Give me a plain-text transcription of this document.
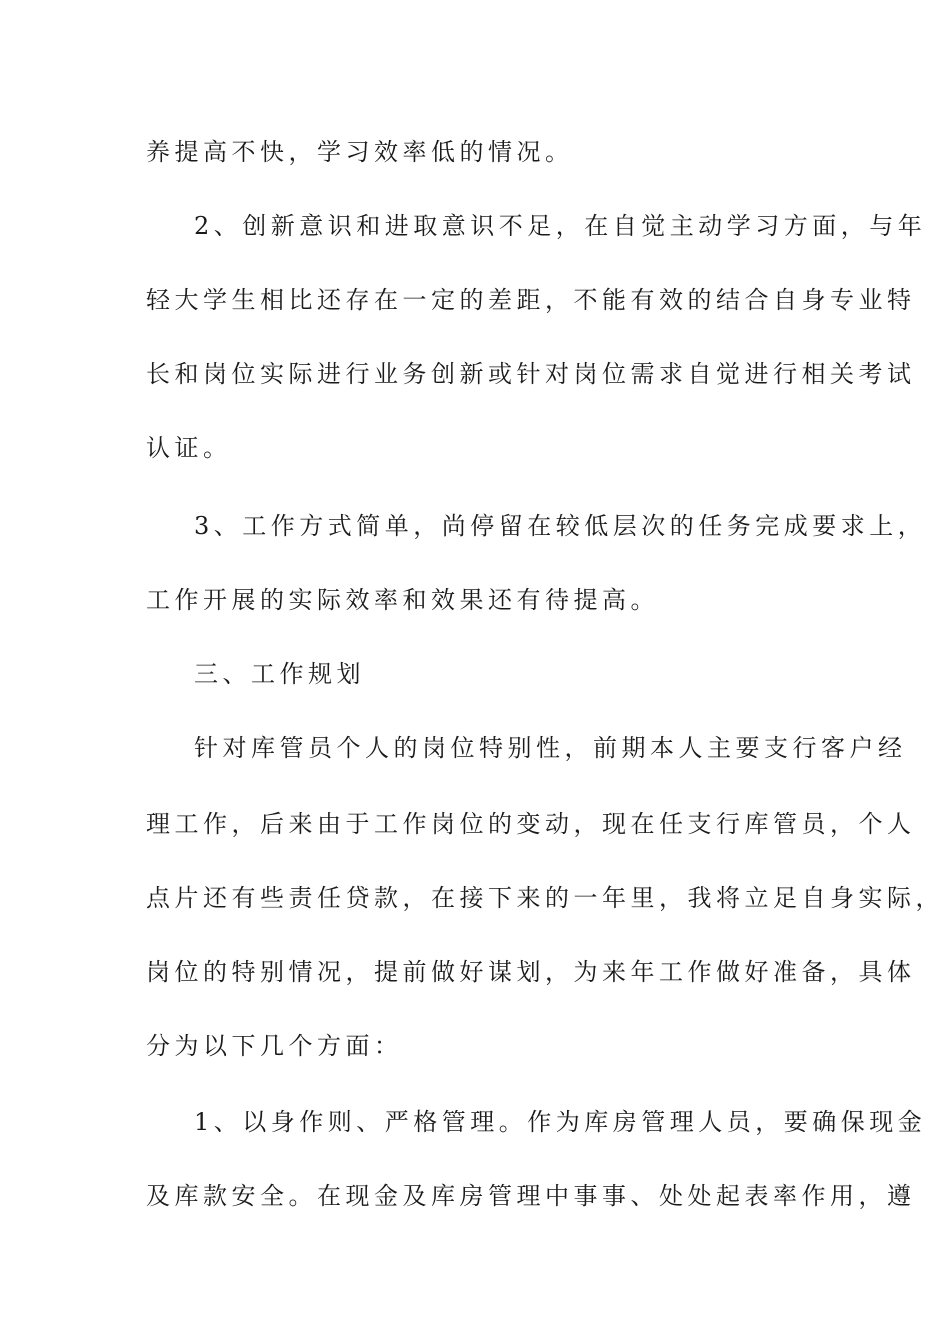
养提高不快，学习效率低的情况。
2、创新意识和进取意识不足，在自觉主动学习方面，与年
轻大学生相比还存在一定的差距，不能有效的结合自身专业特
长和岗位实际进行业务创新或针对岗位需求自觉进行相关考试
认证。
3、工作方式简单，尚停留在较低层次的任务完成要求上，
工作开展的实际效率和效果还有待提高。
三、工作规划
针对库管员个人的岗位特别性，前期本人主要支行客户经
理工作，后来由于工作岗位的变动，现在任支行库管员，个人
点片还有些责任贷款，在接下来的一年里，我将立足自身实际，
岗位的特别情况，提前做好谋划，为来年工作做好准备，具体
分为以下几个方面：
1、以身作则、严格管理。作为库房管理人员，要确保现金
及库款安全。在现金及库房管理中事事、处处起表率作用，遵
